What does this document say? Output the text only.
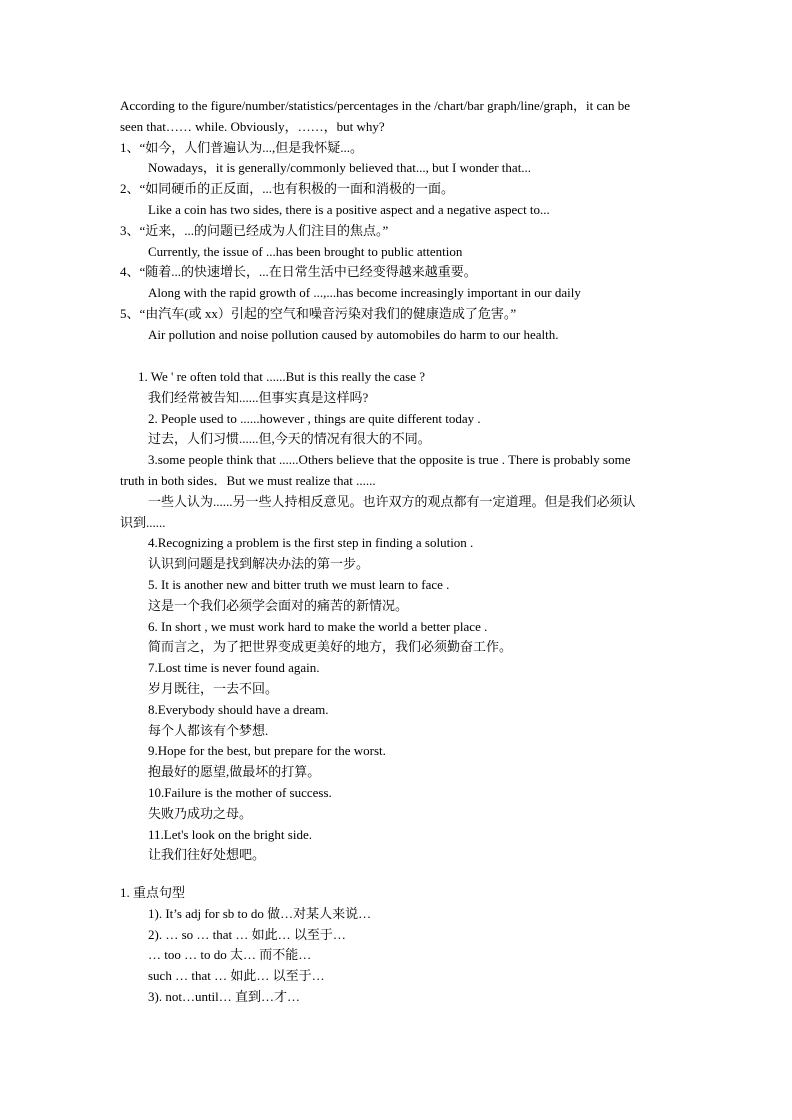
According to the figure/number/statistics/percentages in the /chart/bar graph/line/graph，it can be
seen that…… while. Obviously，……，but why?
1、“如今，人们普遍认为...,但是我怀疑...。
Nowadays，it is generally/commonly believed that..., but I wonder that...
2、“如同硬币的正反面，...也有积极的一面和消极的一面。
Like a coin has two sides, there is a positive aspect and a negative aspect to...
3、“近来，...的问题已经成为人们注目的焦点。”
Currently, the issue of ...has been brought to public attention
4、“随着...的快速增长，...在日常生活中已经变得越来越重要。
Along with the rapid growth of ...,...has become increasingly important in our daily
5、“由汽车(或 xx）引起的空气和噪音污染对我们的健康造成了危害。”
Air pollution and noise pollution caused by automobiles do harm to our health.
1. We ' re often told that ......But is this really the case ?
我们经常被告知......但事实真是这样吗?
2. People used to ......however , things are quite different today .
过去，人们习惯......但,今天的情况有很大的不同。
3.some people think that ......Others believe that the opposite is true . There is probably some
truth in both sides．But we must realize that ......
一些人认为......另一些人持相反意见。也许双方的观点都有一定道理。但是我们必须认
识到......
4.Recognizing a problem is the first step in finding a solution .
认识到问题是找到解决办法的第一步。
5. It is another new and bitter truth we must learn to face .
这是一个我们必须学会面对的痛苦的新情况。
6. In short , we must work hard to make the world a better place .
简而言之，为了把世界变成更美好的地方，我们必须勤奋工作。
7.Lost time is never found again.
岁月既往，一去不回。
8.Everybody should have a dream.
每个人都该有个梦想.
9.Hope for the best, but prepare for the worst.
抱最好的愿望,做最坏的打算。
10.Failure is the mother of success.
失败乃成功之母。
11.Let's look on the bright side.
让我们往好处想吧。
1. 重点句型
1). It’s adj for sb to do 做…对某人来说…
2). … so … that … 如此… 以至于…
… too … to do 太… 而不能…
such … that … 如此… 以至于…
3). not…until… 直到…才…
